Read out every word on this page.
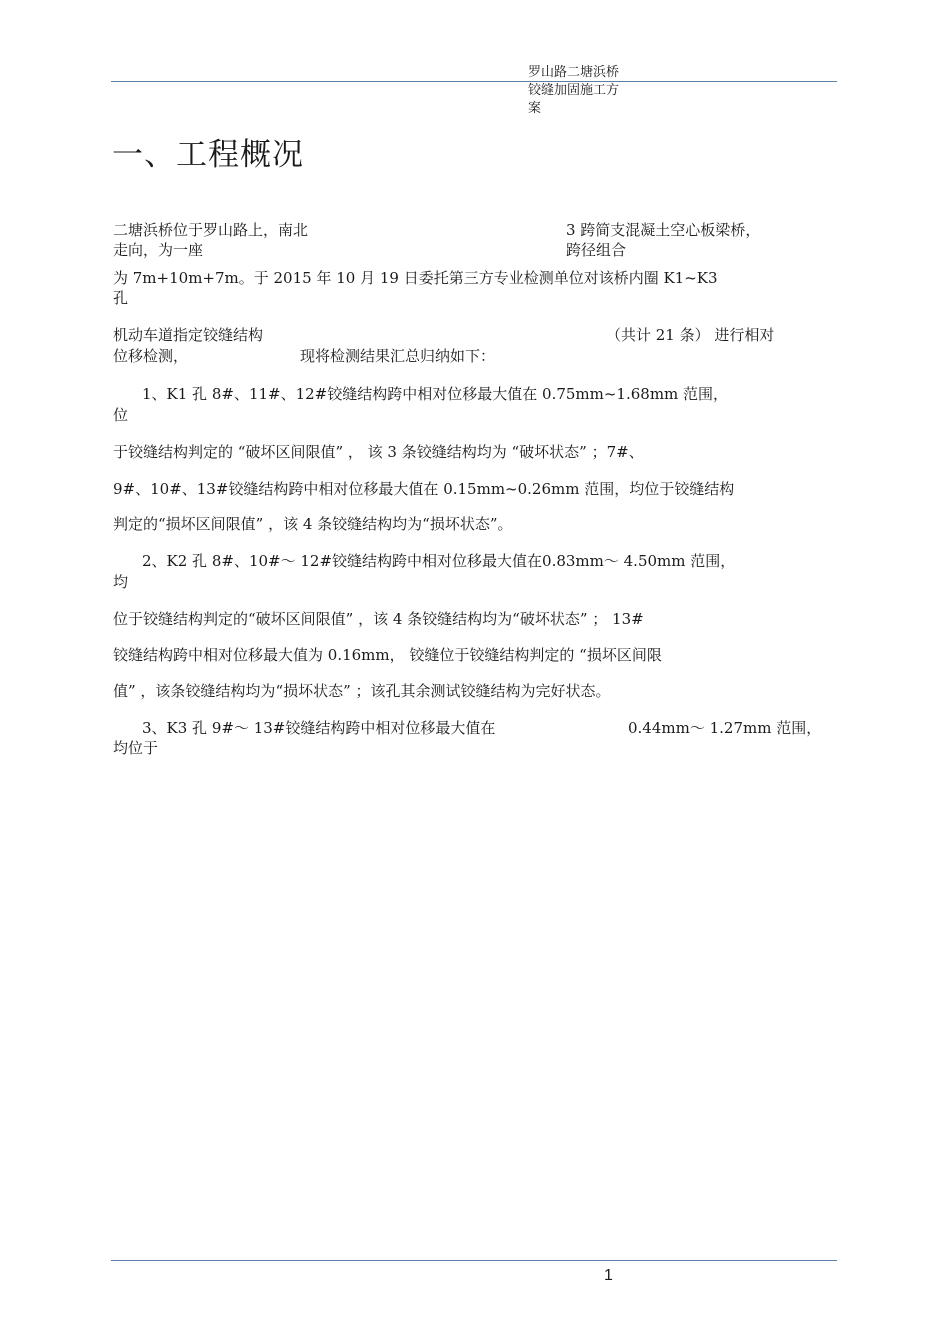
罗山路二塘浜桥
铰缝加固施工方
案
一、工程概况
二塘浜桥位于罗山路上，南北
走向，为一座
3 跨简支混凝土空心板梁桥，
跨径组合
为 7m+10m+7m。于 2015 年 10 月 19 日委托第三方专业检测单位对该桥内圈 K1~K3
孔
机动车道指定铰缝结构	（共计 21 条） 进行相对
位移检测，	现将检测结果汇总归纳如下：
1、K1 孔 8#、11#、12#铰缝结构跨中相对位移最大值在 0.75mm~1.68mm 范围，
位
于铰缝结构判定的 “破坏区间限值” ， 该 3 条铰缝结构均为 “破坏状态” ；7#、
9#、10#、13#铰缝结构跨中相对位移最大值在 0.15mm~0.26mm 范围，均位于铰缝结构
判定的“损坏区间限值” ，该 4 条铰缝结构均为“损坏状态”。
2、K2 孔 8#、10#～ 12#铰缝结构跨中相对位移最大值在0.83mm～ 4.50mm 范围，
均
位于铰缝结构判定的“破坏区间限值” ，该 4 条铰缝结构均为“破坏状态” ； 13#
铰缝结构跨中相对位移最大值为 0.16mm， 铰缝位于铰缝结构判定的 “损坏区间限
值” ，该条铰缝结构均为“损坏状态” ；该孔其余测试铰缝结构为完好状态。
3、K3 孔 9#～ 13#铰缝结构跨中相对位移最大值在	0.44mm～ 1.27mm 范围，
均位于
1
